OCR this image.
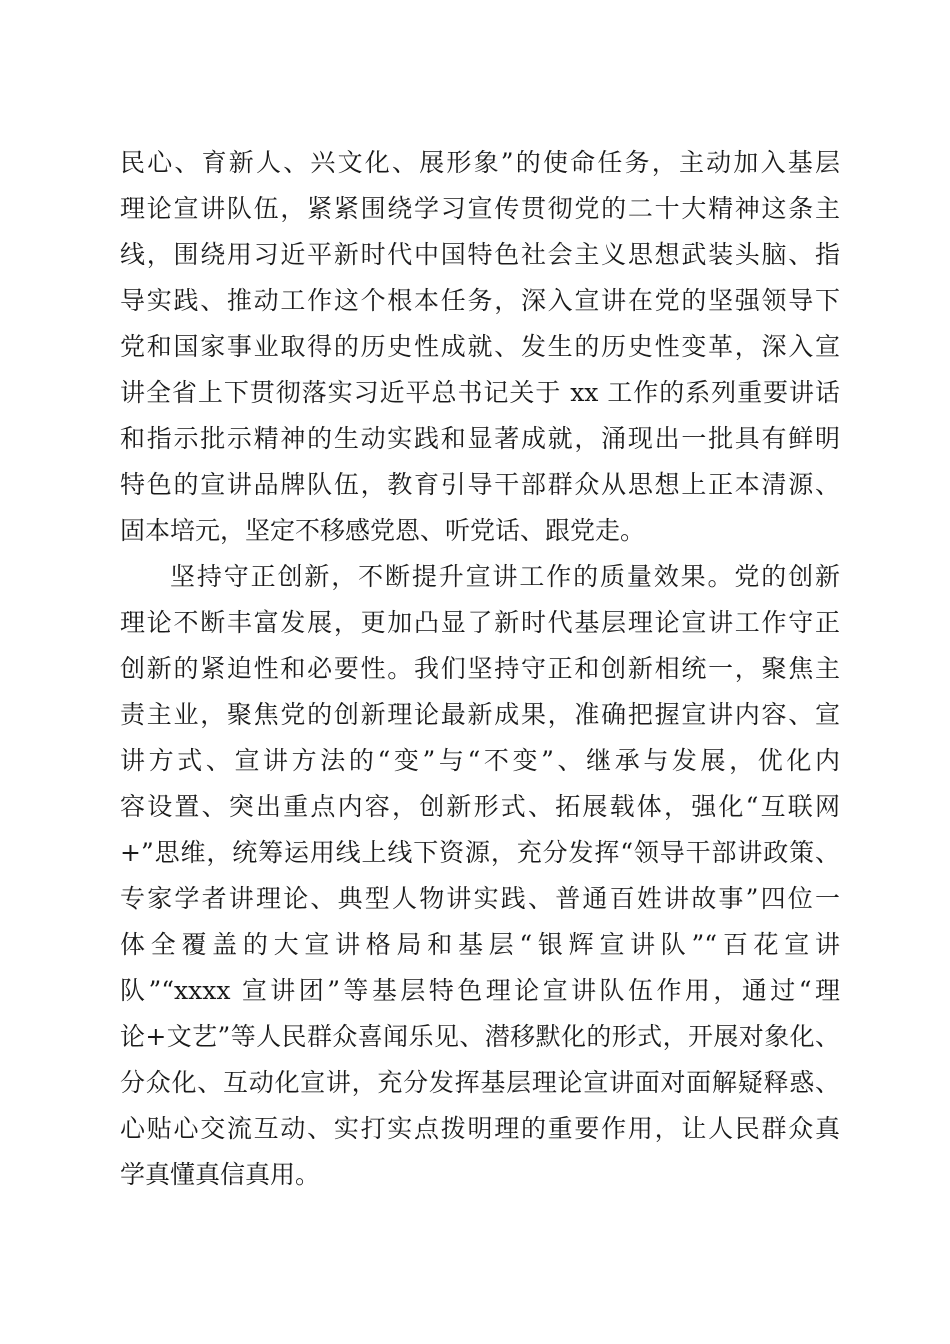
民心、育新人、兴文化、展形象”的使命任务，主动加入基层
理论宣讲队伍，紧紧围绕学习宣传贯彻党的二十大精神这条主
线，围绕用习近平新时代中国特色社会主义思想武装头脑、指
导实践、推动工作这个根本任务，深入宣讲在党的坚强领导下
党和国家事业取得的历史性成就、发生的历史性变革，深入宣
讲全省上下贯彻落实习近平总书记关于 xx 工作的系列重要讲话
和指示批示精神的生动实践和显著成就，涌现出一批具有鲜明
特色的宣讲品牌队伍，教育引导干部群众从思想上正本清源、
固本培元，坚定不移感党恩、听党话、跟党走。
坚持守正创新，不断提升宣讲工作的质量效果。党的创新
理论不断丰富发展，更加凸显了新时代基层理论宣讲工作守正
创新的紧迫性和必要性。我们坚持守正和创新相统一，聚焦主
责主业，聚焦党的创新理论最新成果，准确把握宣讲内容、宣
讲方式、宣讲方法的“变”与“不变”、继承与发展，优化内
容设置、突出重点内容，创新形式、拓展载体，强化“互联网
+”思维，统筹运用线上线下资源，充分发挥“领导干部讲政策、
专家学者讲理论、典型人物讲实践、普通百姓讲故事”四位一
体全覆盖的大宣讲格局和基层“银辉宣讲队”“百花宣讲
队”“xxxx 宣讲团”等基层特色理论宣讲队伍作用，通过“理
论+文艺”等人民群众喜闻乐见、潜移默化的形式，开展对象化、
分众化、互动化宣讲，充分发挥基层理论宣讲面对面解疑释惑、
心贴心交流互动、实打实点拨明理的重要作用，让人民群众真
学真懂真信真用。
